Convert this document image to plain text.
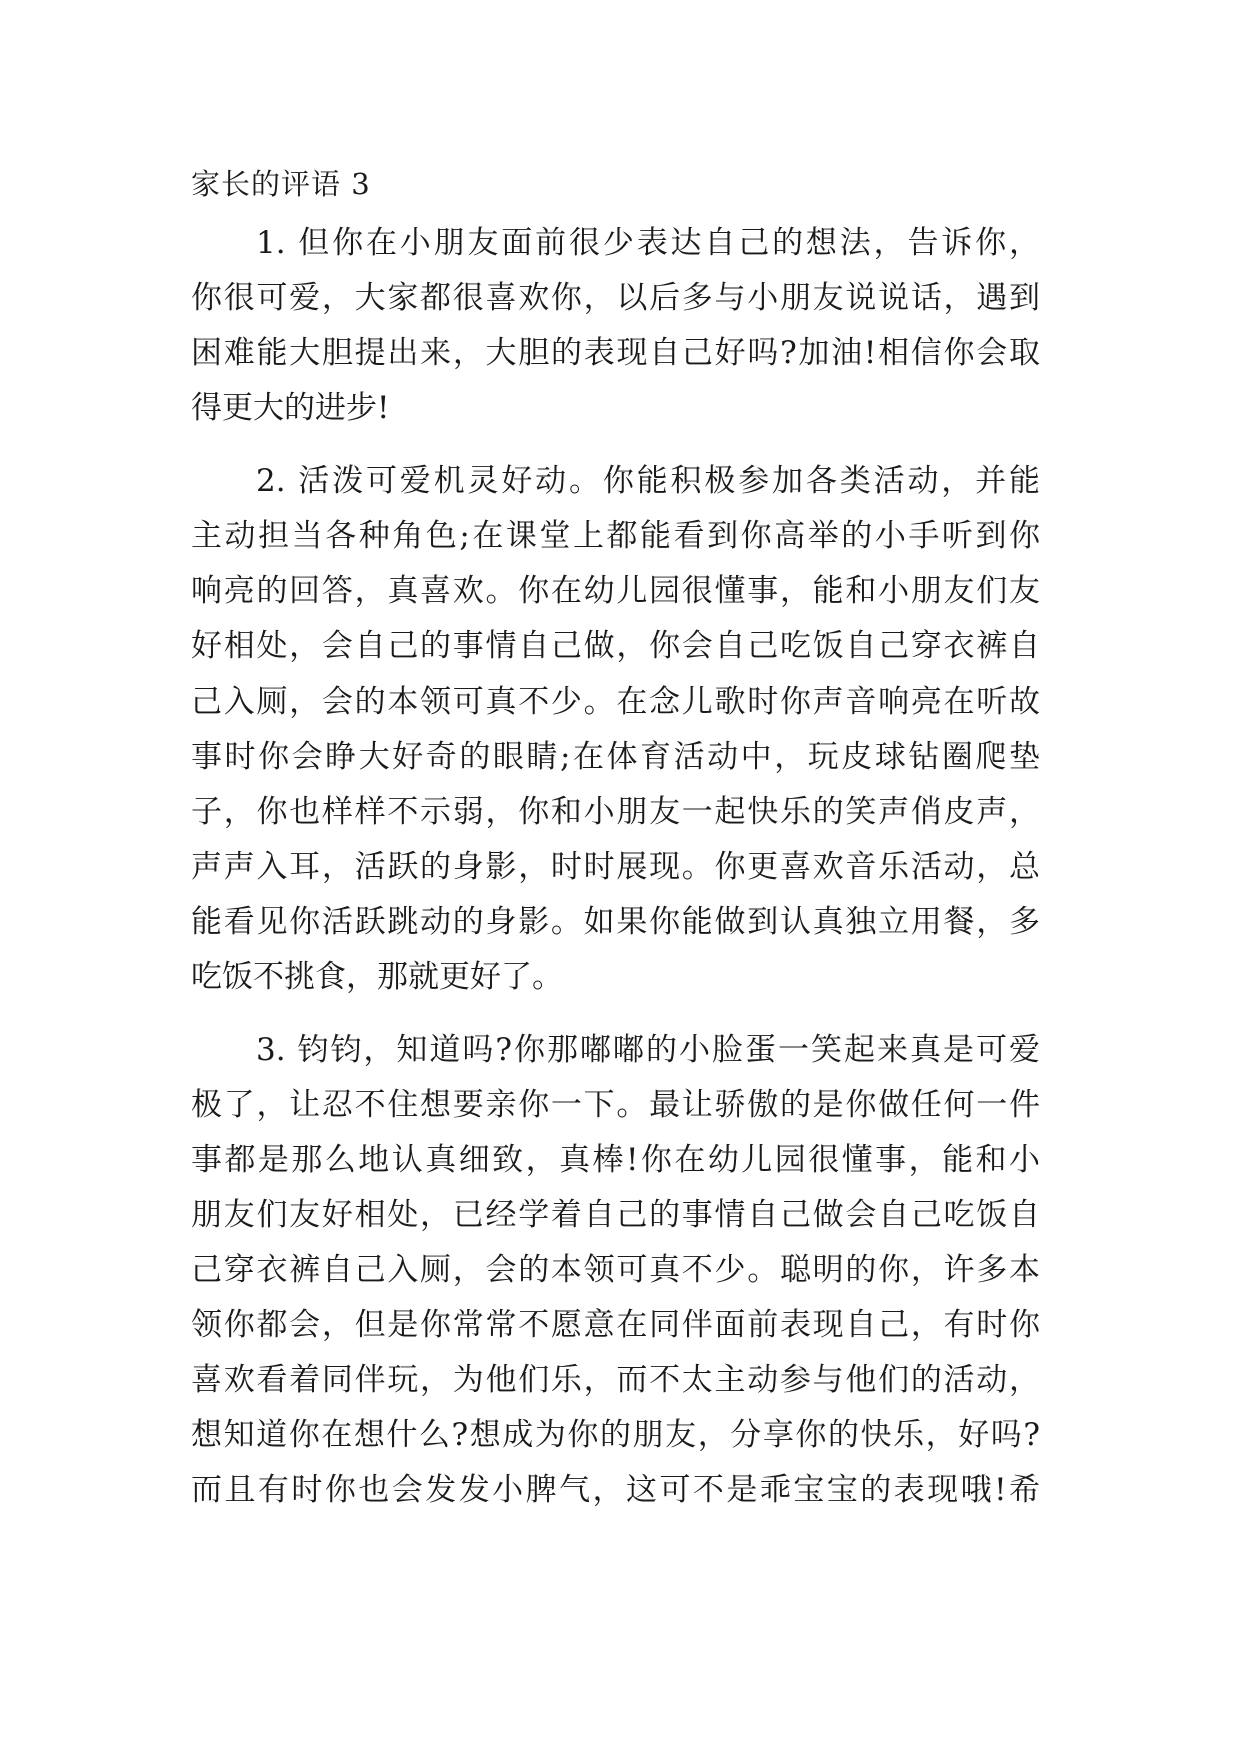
家长的评语 3
1. 但你在小朋友面前很少表达自己的想法，告诉你，
你很可爱，大家都很喜欢你，以后多与小朋友说说话，遇到
困难能大胆提出来，大胆的表现自己好吗?加油!相信你会取
得更大的进步!
2. 活泼可爱机灵好动。你能积极参加各类活动，并能
主动担当各种角色;在课堂上都能看到你高举的小手听到你
响亮的回答，真喜欢。你在幼儿园很懂事，能和小朋友们友
好相处，会自己的事情自己做，你会自己吃饭自己穿衣裤自
己入厕，会的本领可真不少。在念儿歌时你声音响亮在听故
事时你会睁大好奇的眼睛;在体育活动中，玩皮球钻圈爬垫
子，你也样样不示弱，你和小朋友一起快乐的笑声俏皮声，
声声入耳，活跃的身影，时时展现。你更喜欢音乐活动，总
能看见你活跃跳动的身影。如果你能做到认真独立用餐，多
吃饭不挑食，那就更好了。
3. 钧钧，知道吗?你那嘟嘟的小脸蛋一笑起来真是可爱
极了，让忍不住想要亲你一下。最让骄傲的是你做任何一件
事都是那么地认真细致，真棒!你在幼儿园很懂事，能和小
朋友们友好相处，已经学着自己的事情自己做会自己吃饭自
己穿衣裤自己入厕，会的本领可真不少。聪明的你，许多本
领你都会，但是你常常不愿意在同伴面前表现自己，有时你
喜欢看着同伴玩，为他们乐，而不太主动参与他们的活动，
想知道你在想什么?想成为你的朋友，分享你的快乐，好吗?
而且有时你也会发发小脾气，这可不是乖宝宝的表现哦!希
